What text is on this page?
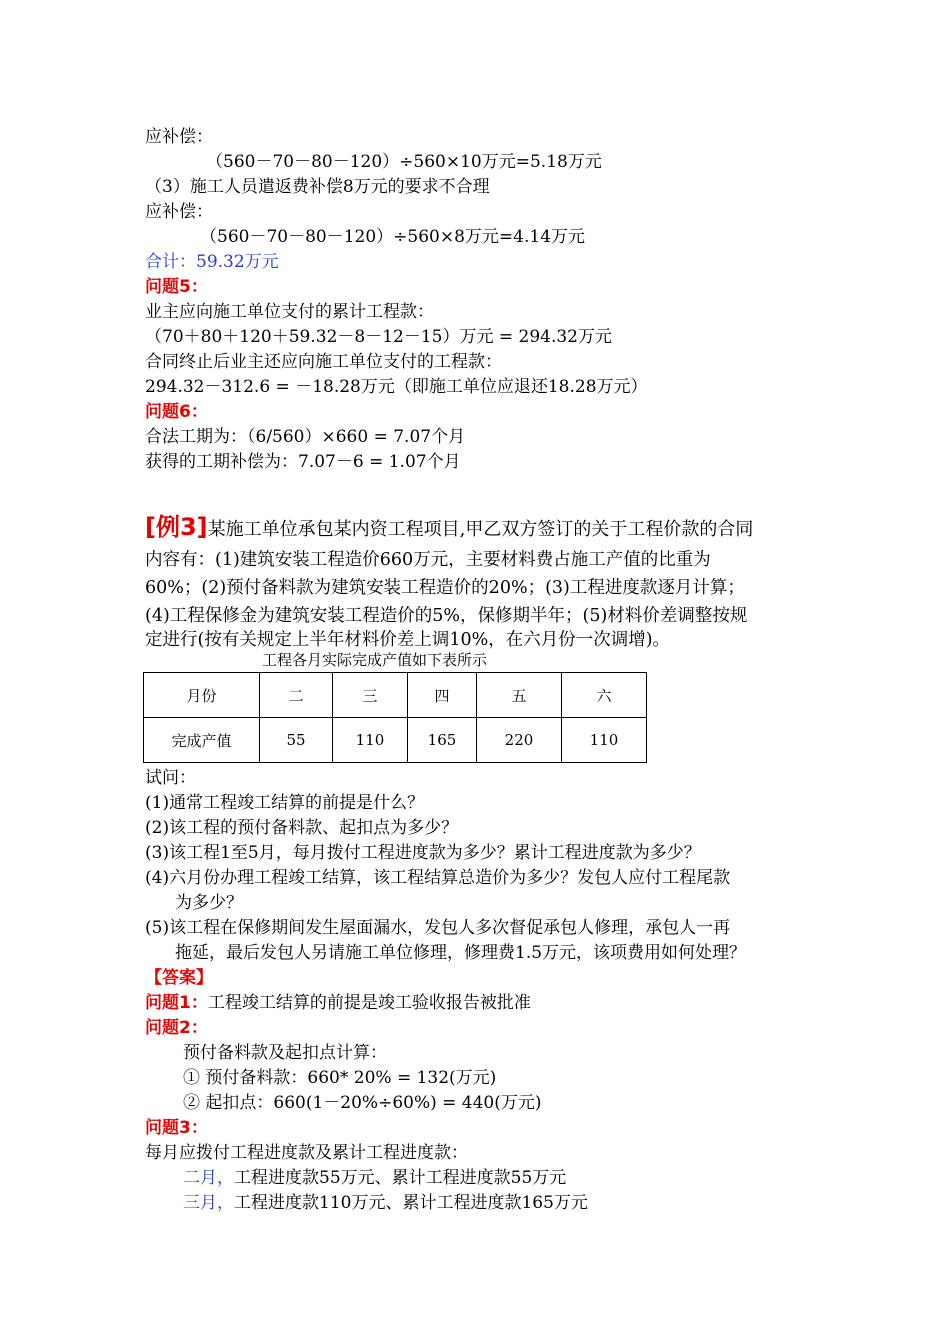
应补偿：
（560－70－80－120）÷560×10万元=5.18万元
（3）施工人员遣返费补偿8万元的要求不合理
应补偿：
（560－70－80－120）÷560×8万元=4.14万元
合计：59.32万元
问题5：
业主应向施工单位支付的累计工程款：
（70＋80＋120＋59.32－8－12－15）万元 = 294.32万元
合同终止后业主还应向施工单位支付的工程款：
294.32－312.6 = －18.28万元（即施工单位应退还18.28万元）
问题6：
合法工期为：（6/560）×660 = 7.07个月
获得的工期补偿为：7.07－6 = 1.07个月
[例3]某施工单位承包某内资工程项目,甲乙双方签订的关于工程价款的合同
内容有：(1)建筑安装工程造价660万元，主要材料费占施工产值的比重为
60%；(2)预付备料款为建筑安装工程造价的20%；(3)工程进度款逐月计算；
(4)工程保修金为建筑安装工程造价的5%，保修期半年；(5)材料价差调整按规
定进行(按有关规定上半年材料价差上调10%，在六月份一次调增)。
工程各月实际完成产值如下表所示
月份	二	三	四	五	六
完成产值	55	110	165	220	110
试问：
(1)通常工程竣工结算的前提是什么？
(2)该工程的预付备料款、起扣点为多少？
(3)该工程1至5月，每月拨付工程进度款为多少？累计工程进度款为多少？
(4)六月份办理工程竣工结算，该工程结算总造价为多少？发包人应付工程尾款
为多少？
(5)该工程在保修期间发生屋面漏水，发包人多次督促承包人修理，承包人一再
拖延，最后发包人另请施工单位修理，修理费1.5万元，该项费用如何处理？
【答案】
问题1：工程竣工结算的前提是竣工验收报告被批准
问题2：
预付备料款及起扣点计算：
① 预付备料款：660* 20% = 132(万元)
② 起扣点：660(1－20%÷60%) = 440(万元)
问题3：
每月应拨付工程进度款及累计工程进度款：
二月，工程进度款55万元、累计工程进度款55万元
三月，工程进度款110万元、累计工程进度款165万元
